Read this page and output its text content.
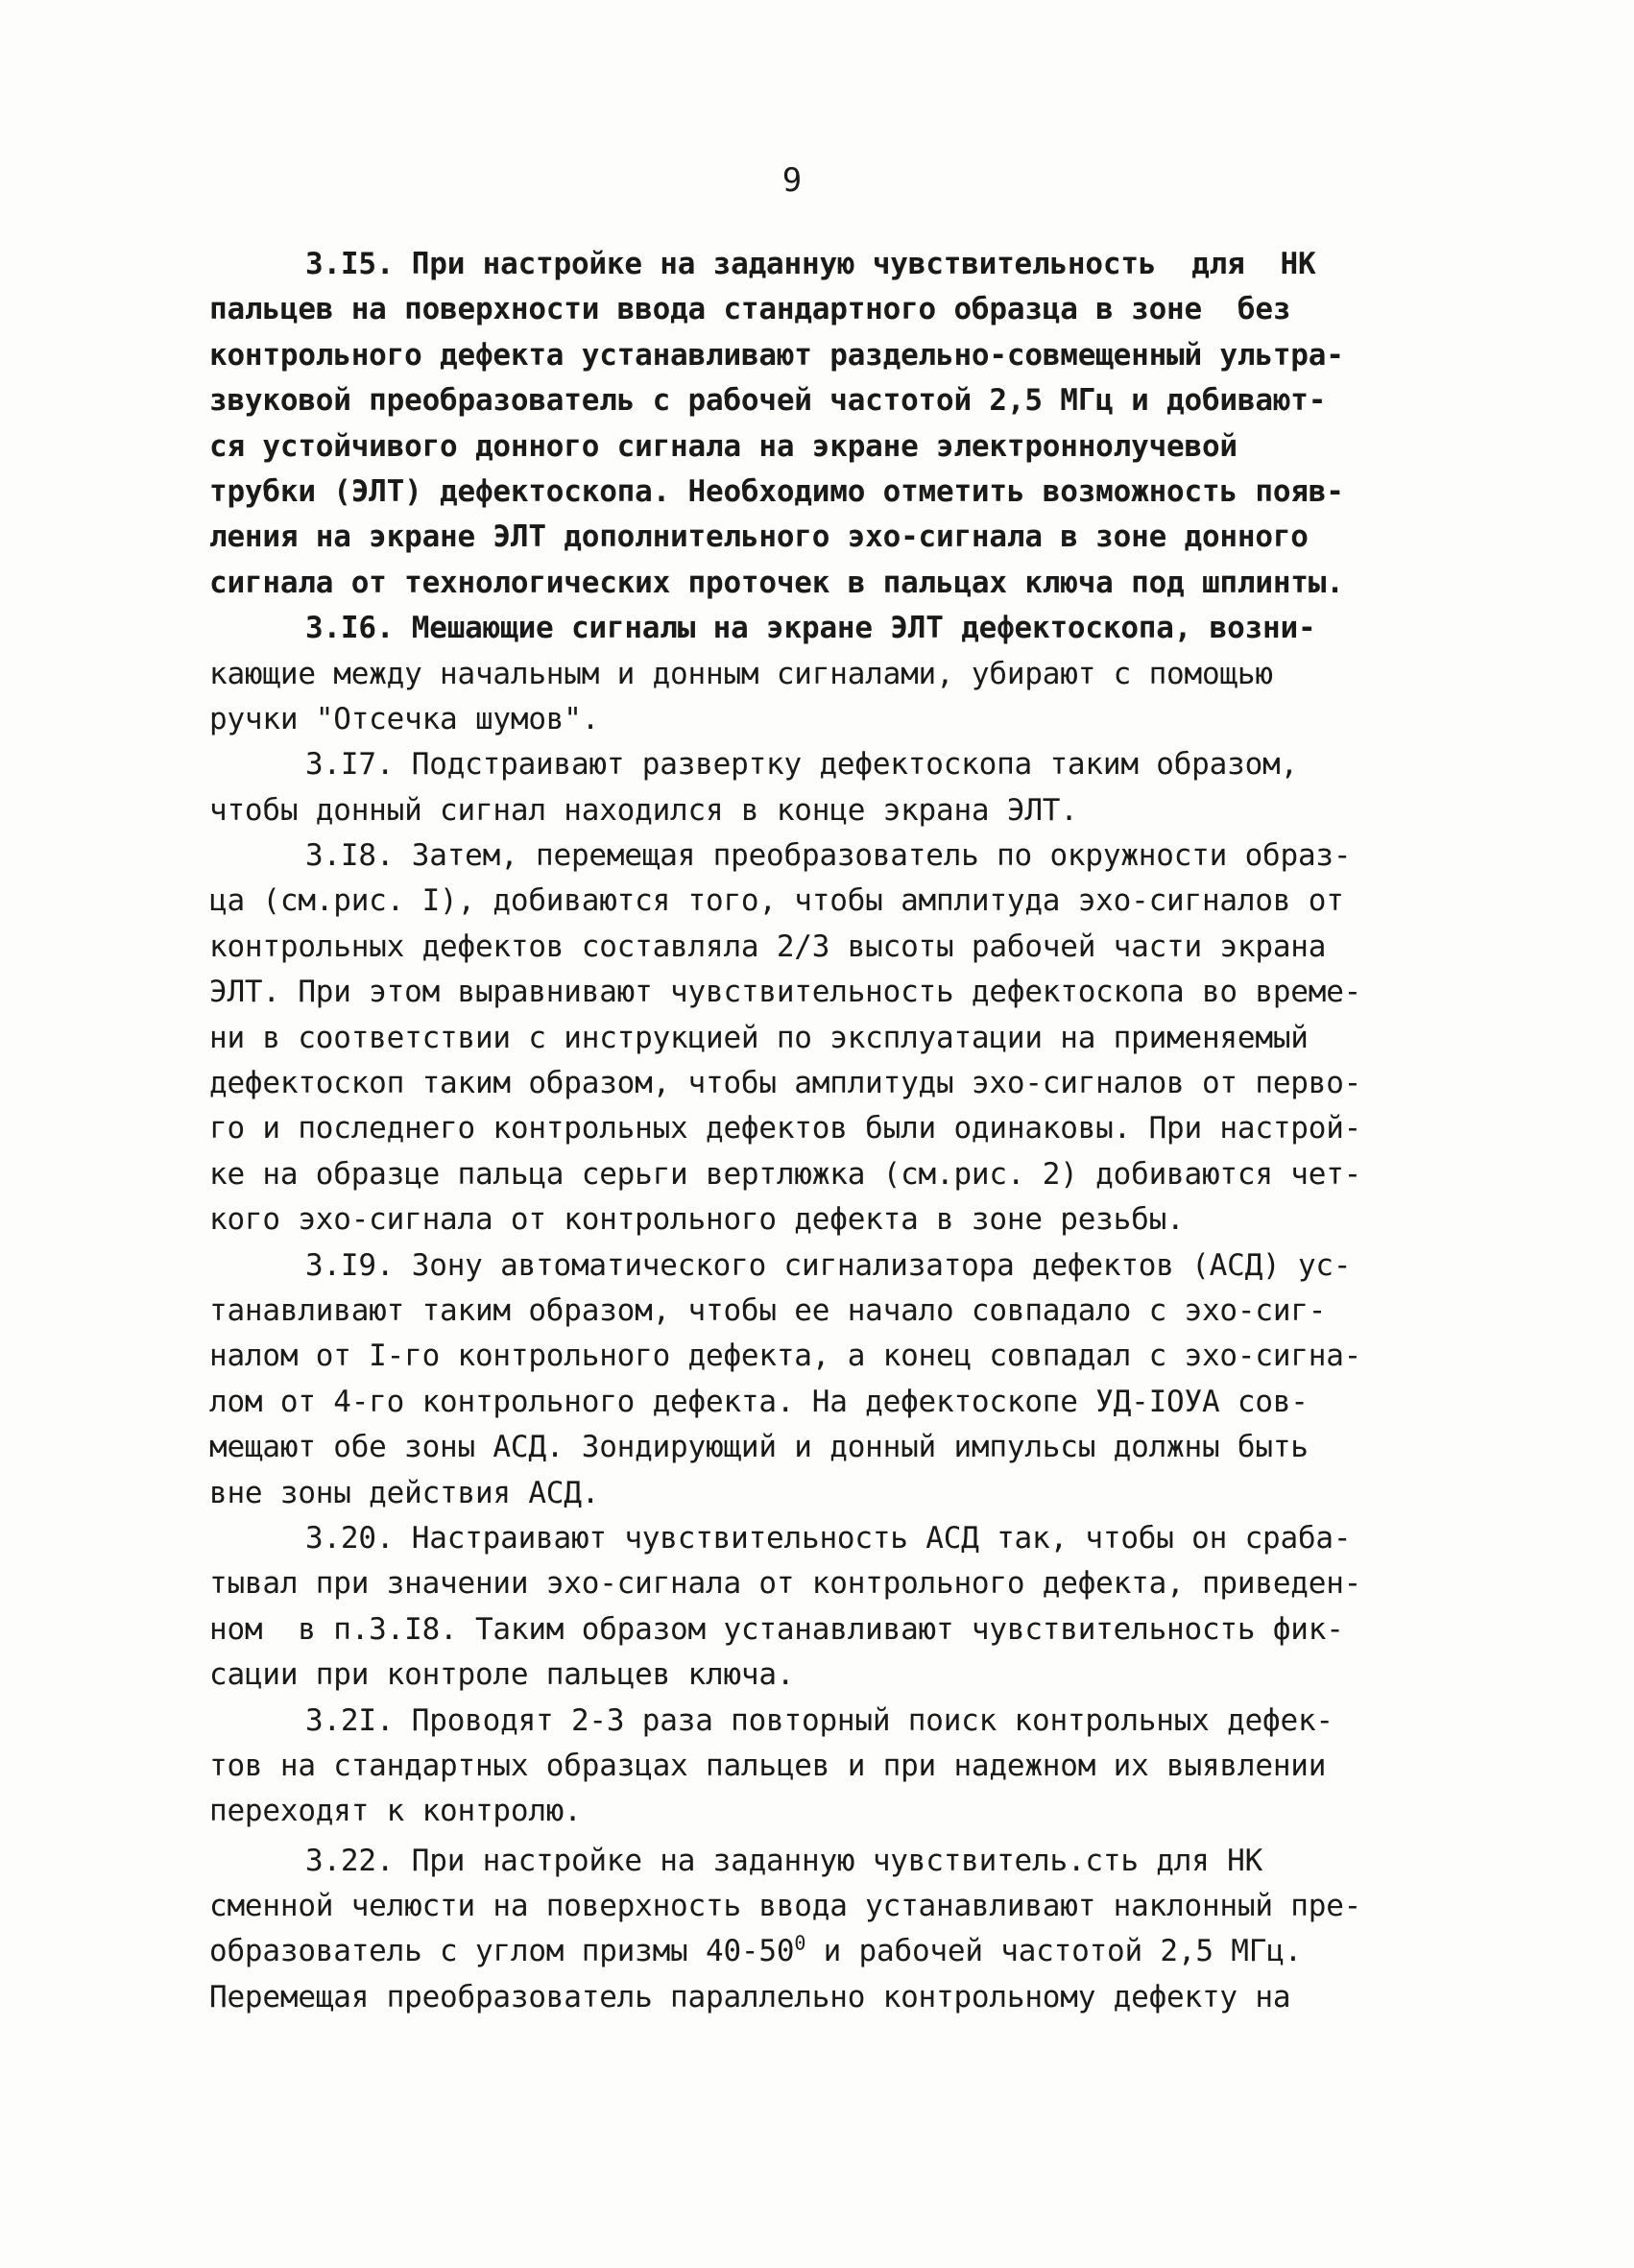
9
3.I5. При настройке на заданную чувствительность  для  НК
пальцев на поверхности ввода стандартного образца в зоне  без
контрольного дефекта устанавливают раздельно-совмещенный ультра-
звуковой преобразователь с рабочей частотой 2,5 МГц и добивают-
ся устойчивого донного сигнала на экране электроннолучевой
трубки (ЭЛТ) дефектоскопа. Необходимо отметить возможность появ-
ления на экране ЭЛТ дополнительного эхо-сигнала в зоне донного
сигнала от технологических проточек в пальцах ключа под шплинты.
3.I6. Мешающие сигналы на экране ЭЛТ дефектоскопа, возни-
кающие между начальным и донным сигналами, убирают с помощью
ручки "Отсечка шумов".
3.I7. Подстраивают развертку дефектоскопа таким образом,
чтобы донный сигнал находился в конце экрана ЭЛТ.
3.I8. Затем, перемещая преобразователь по окружности образ-
ца (см.рис. I), добиваются того, чтобы амплитуда эхо-сигналов от
контрольных дефектов составляла 2/3 высоты рабочей части экрана
ЭЛТ. При этом выравнивают чувствительность дефектоскопа во време-
ни в соответствии с инструкцией по эксплуатации на применяемый
дефектоскоп таким образом, чтобы амплитуды эхо-сигналов от перво-
го и последнего контрольных дефектов были одинаковы. При настрой-
ке на образце пальца серьги вертлюжка (см.рис. 2) добиваются чет-
кого эхо-сигнала от контрольного дефекта в зоне резьбы.
3.I9. Зону автоматического сигнализатора дефектов (АСД) ус-
танавливают таким образом, чтобы ее начало совпадало с эхо-сиг-
налом от I-го контрольного дефекта, а конец совпадал с эхо-сигна-
лом от 4-го контрольного дефекта. На дефектоскопе УД-IОУА сов-
мещают обе зоны АСД. Зондирующий и донный импульсы должны быть
вне зоны действия АСД.
3.20. Настраивают чувствительность АСД так, чтобы он сраба-
тывал при значении эхо-сигнала от контрольного дефекта, приведен-
ном  в п.3.I8. Таким образом устанавливают чувствительность фик-
сации при контроле пальцев ключа.
3.2I. Проводят 2-3 раза повторный поиск контрольных дефек-
тов на стандартных образцах пальцев и при надежном их выявлении
переходят к контролю.
3.22. При настройке на заданную чувствитель.сть для НК
сменной челюсти на поверхность ввода устанавливают наклонный пре-
образователь с углом призмы $40-50^0$ и рабочей частотой 2,5 МГц.
Перемещая преобразователь параллельно контрольному дефекту на
